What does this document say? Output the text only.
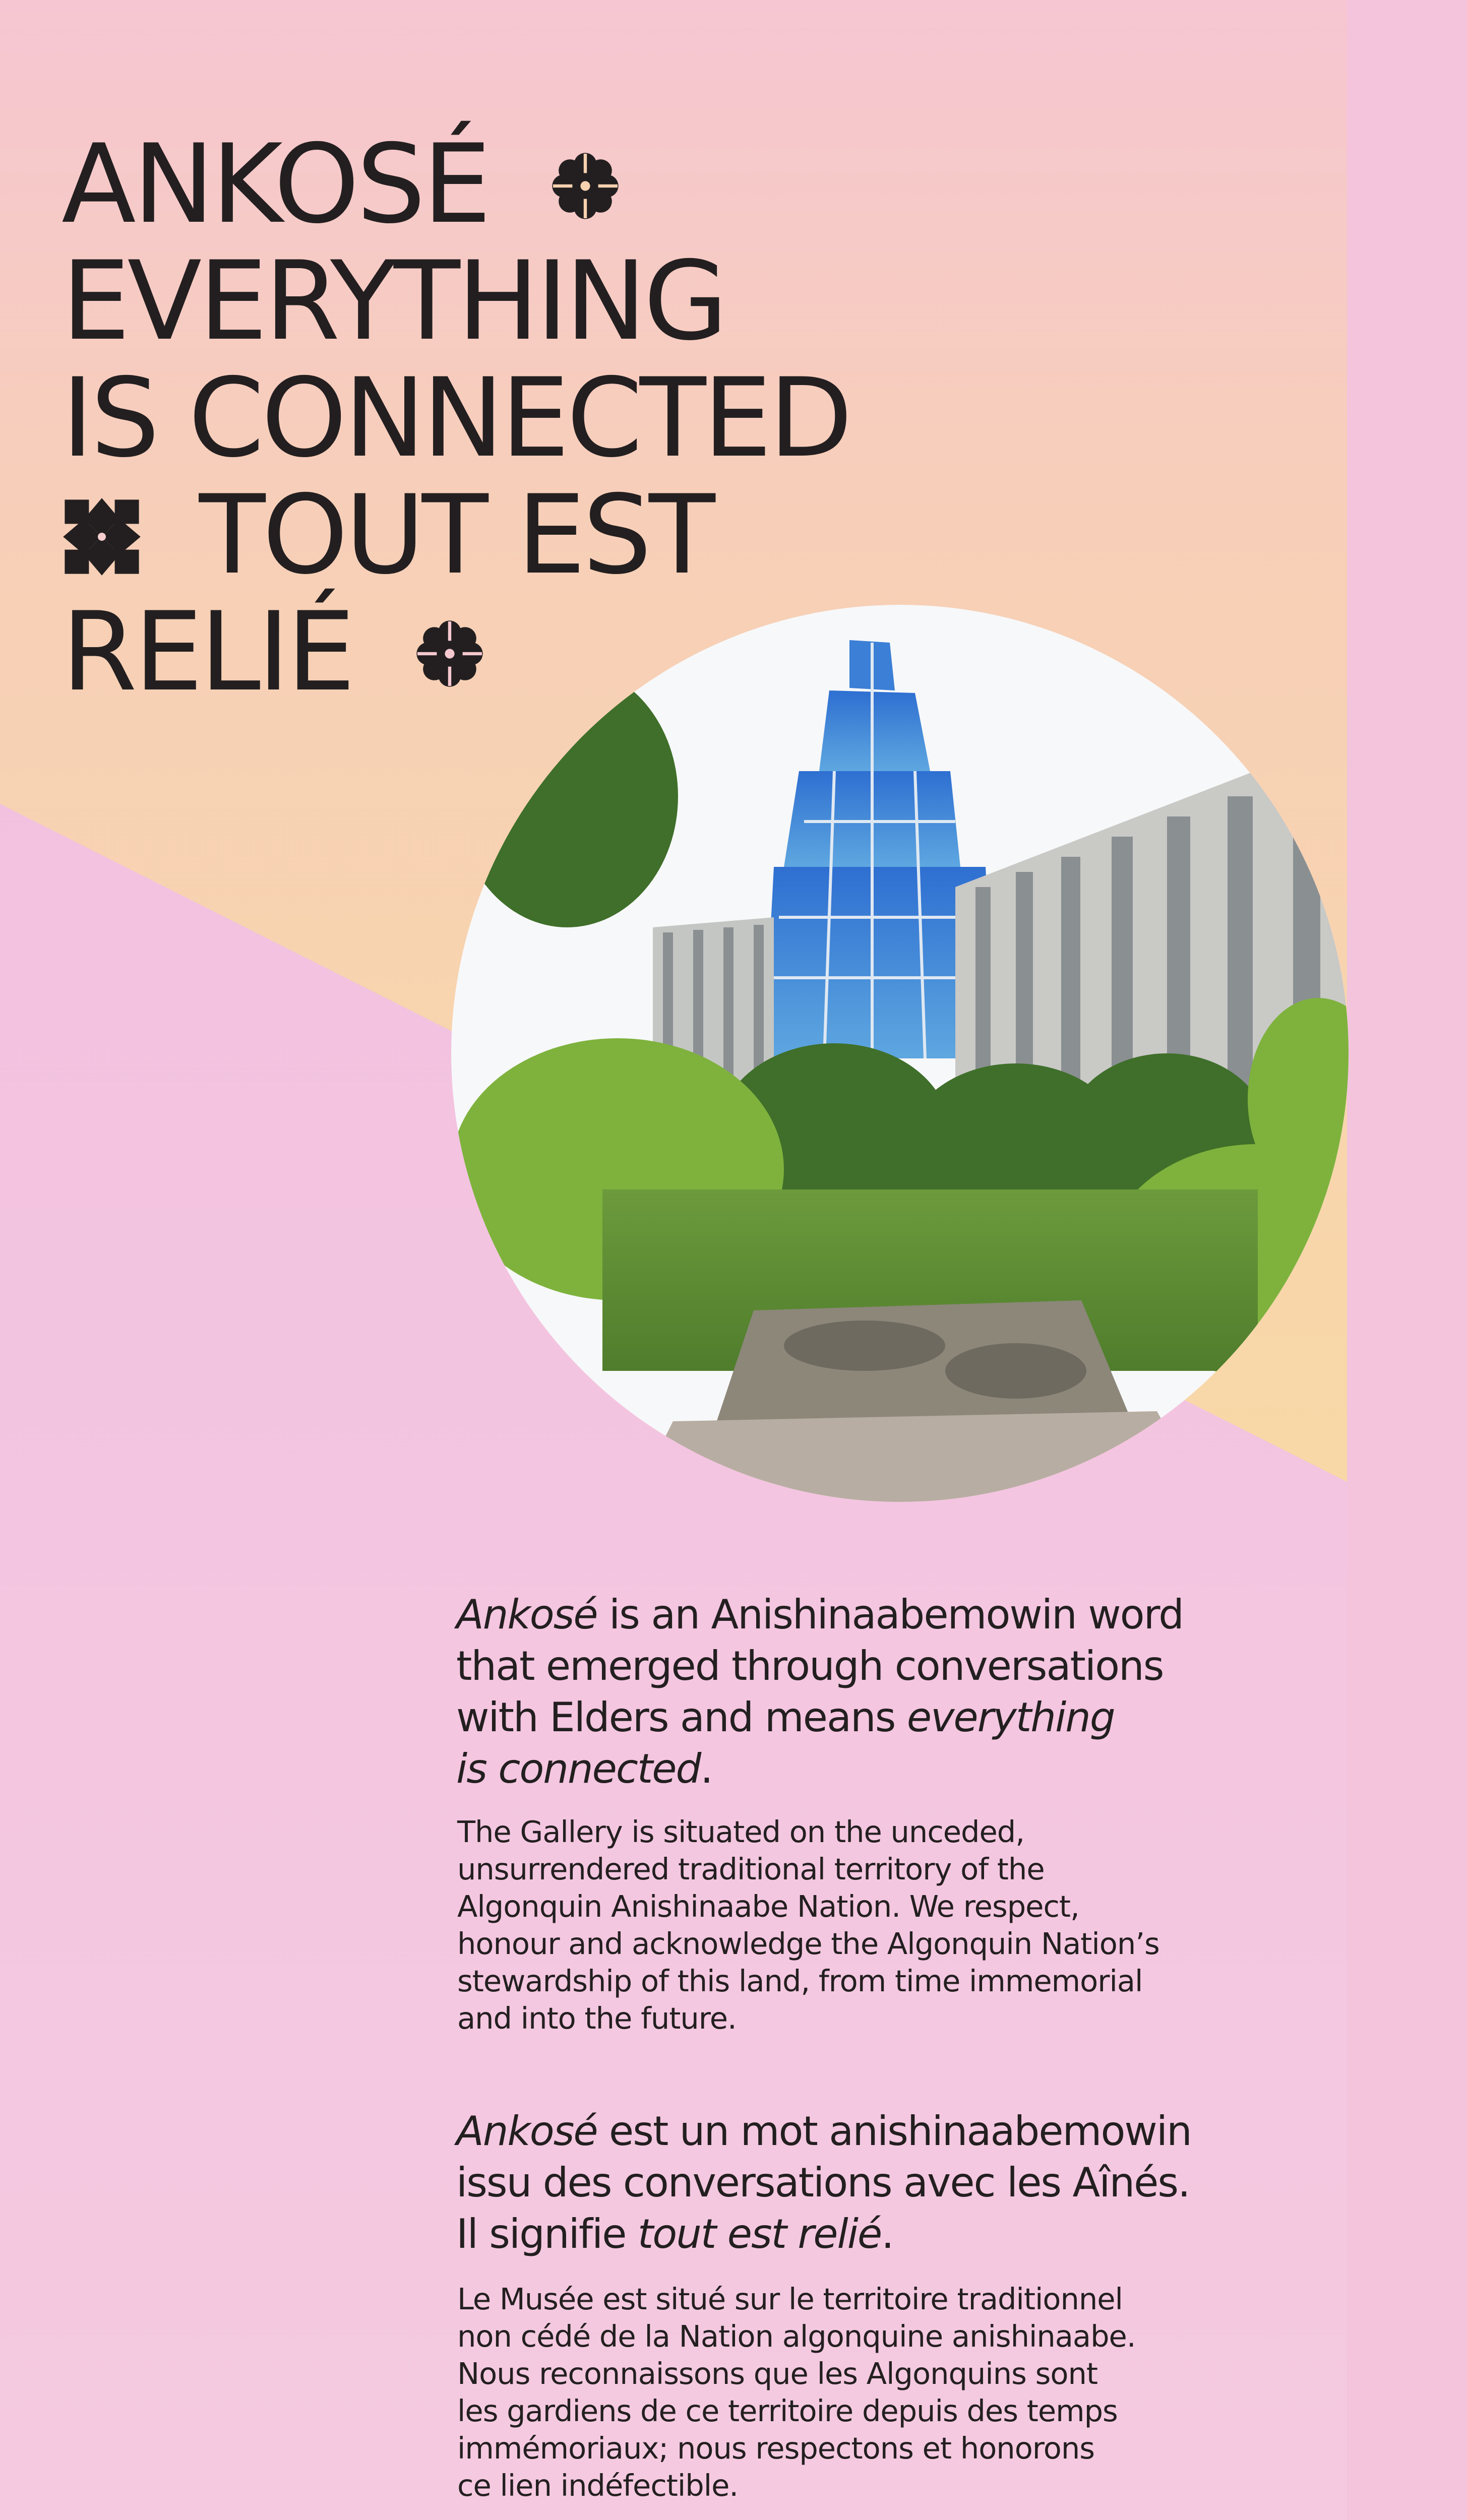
ANKOSÉ
EVERYTHING
IS CONNECTED
TOUT EST
RELIÉ

Ankosé is an Anishinaabemowin word
that emerged through conversations
with Elders and means everything
is connected.

The Gallery is situated on the unceded,
unsurrendered traditional territory of the
Algonquin Anishinaabe Nation. We respect,
honour and acknowledge the Algonquin Nation’s
stewardship of this land, from time immemorial
and into the future.

Ankosé est un mot anishinaabemowin
issu des conversations avec les Aînés.
Il signifie tout est relié.

Le Musée est situé sur le territoire traditionnel
non cédé de la Nation algonquine anishinaabe.
Nous reconnaissons que les Algonquins sont
les gardiens de ce territoire depuis des temps
immémoriaux; nous respectons et honorons
ce lien indéfectible.
